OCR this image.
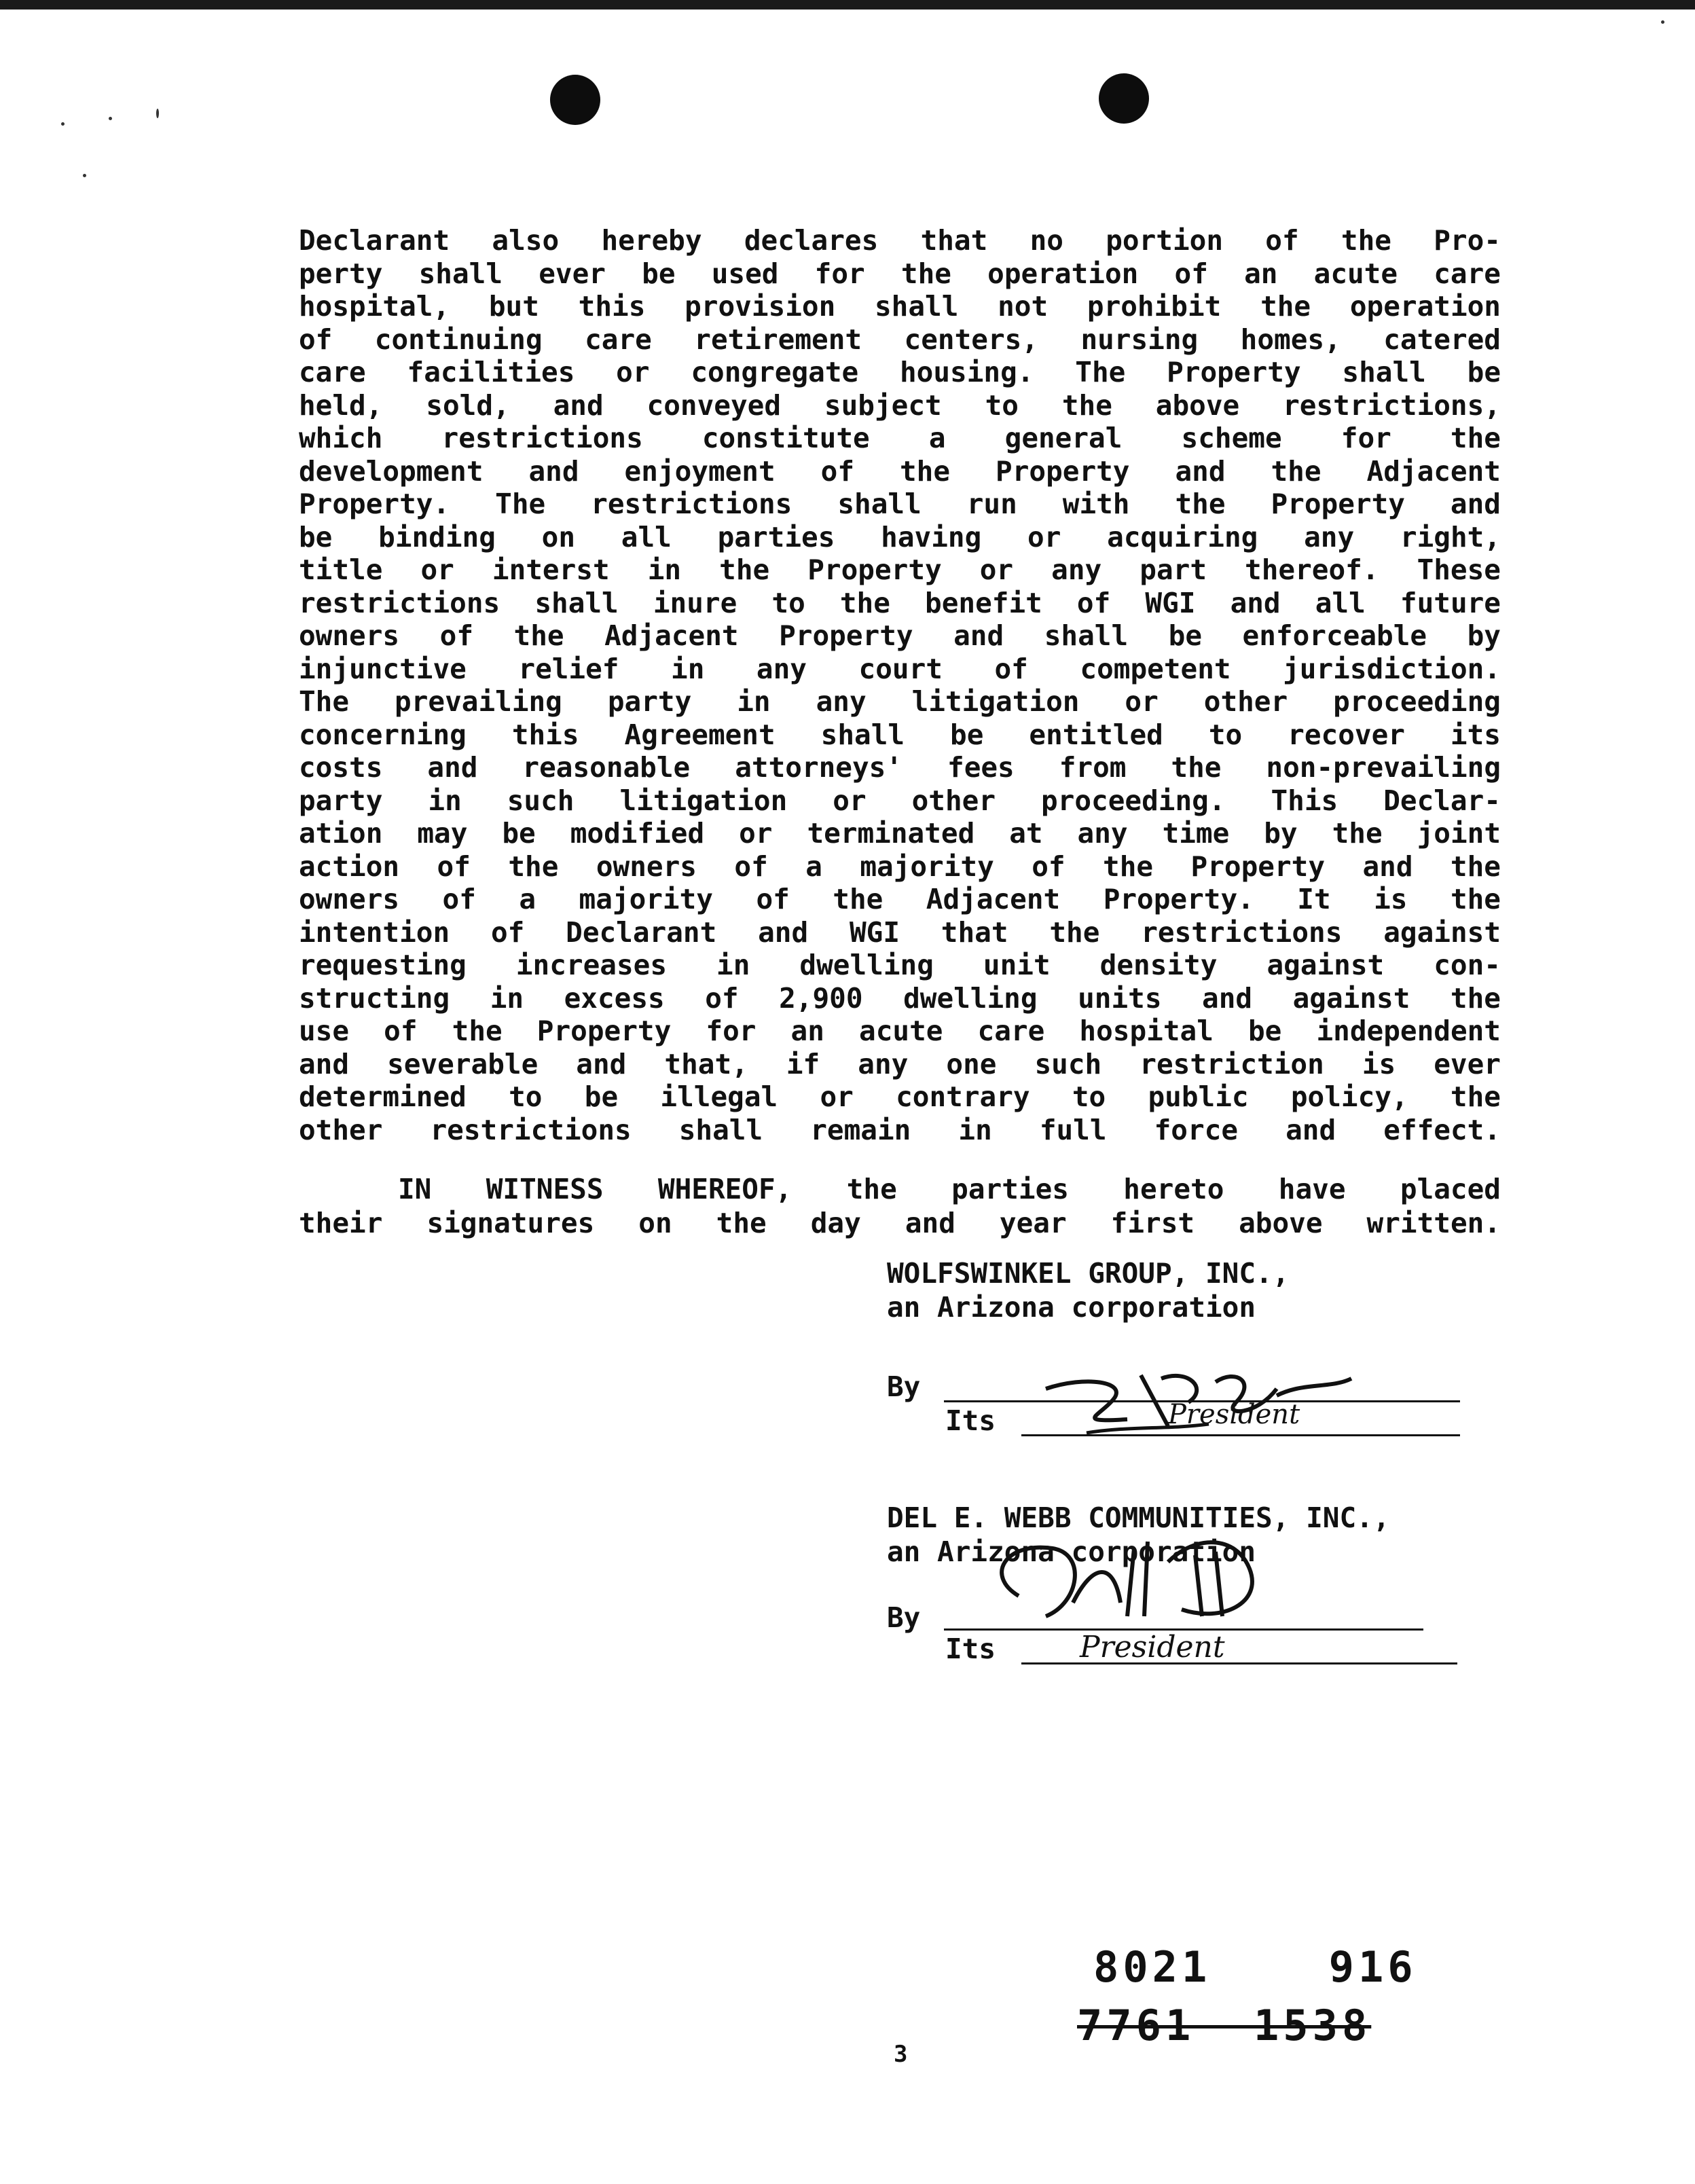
Declarant also hereby declares that no portion of the Pro-
perty shall ever be used for the operation of an acute care
hospital, but this provision shall not prohibit the operation
of continuing care retirement centers, nursing homes, catered
care facilities or congregate housing. The Property shall be
held, sold, and conveyed subject to the above restrictions,
which restrictions constitute a general scheme for the
development and enjoyment of the Property and the Adjacent
Property. The restrictions shall run with the Property and
be binding on all parties having or acquiring any right,
title or interst in the Property or any part thereof. These
restrictions shall inure to the benefit of WGI and all future
owners of the Adjacent Property and shall be enforceable by
injunctive relief in any court of competent jurisdiction.
The prevailing party in any litigation or other proceeding
concerning this Agreement shall be entitled to recover its
costs and reasonable attorneys' fees from the non-prevailing
party in such litigation or other proceeding. This Declar-
ation may be modified or terminated at any time by the joint
action of the owners of a majority of the Property and the
owners of a majority of the Adjacent Property. It is the
intention of Declarant and WGI that the restrictions against
requesting increases in dwelling unit density against con-
structing in excess of 2,900 dwelling units and against the
use of the Property for an acute care hospital be independent
and severable and that, if any one such restriction is ever
determined to be illegal or contrary to public policy, the
other restrictions shall remain in full force and effect.
IN WITNESS WHEREOF, the parties hereto have placed
their signatures on the day and year first above written.
WOLFSWINKEL GROUP, INC.,
an Arizona corporation
By
Its	President
DEL E. WEBB COMMUNITIES, INC.,
an Arizona corporation
By
Its	President
8021    916
7761  1538
3
